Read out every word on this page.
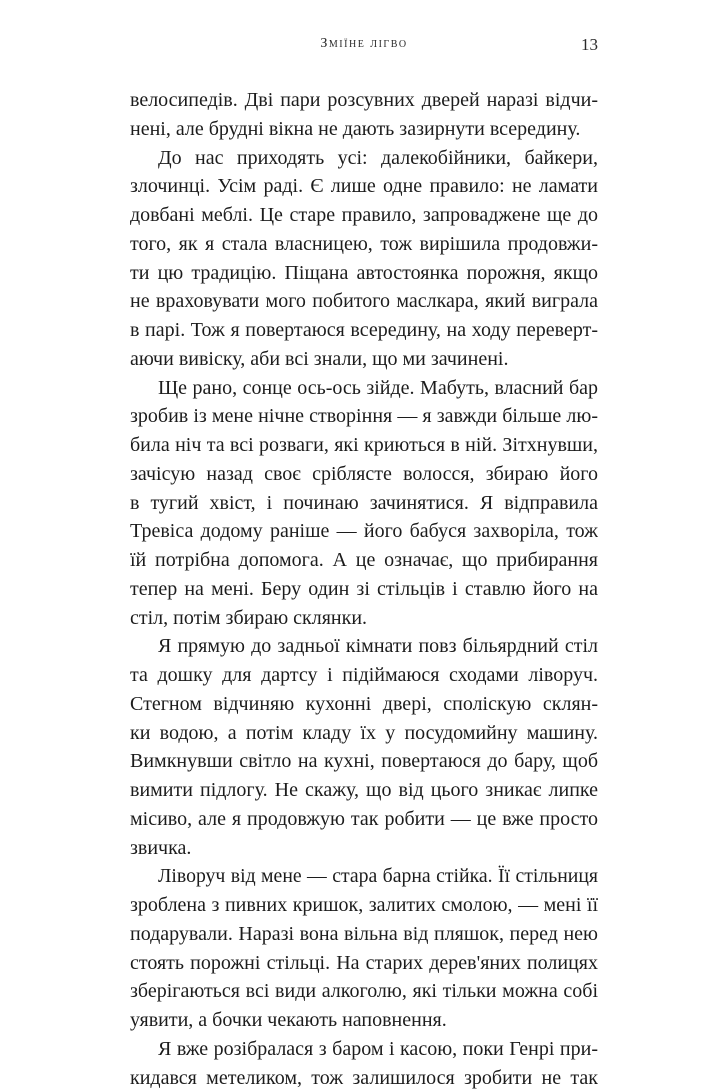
Зміїне лігво	13
велосипедів. Дві пари розсувних дверей наразі відчи-
нені, але брудні вікна не дають зазирнути всередину.
До нас приходять усі: далекобійники, байкери,
злочинці. Усім раді. Є лише одне правило: не ламати
довбані меблі. Це старе правило, запроваджене ще до
того, як я стала власницею, тож вирішила продовжи-
ти цю традицію. Піщана автостоянка порожня, якщо
не враховувати мого побитого маслкара, який виграла
в парі. Тож я повертаюся всередину, на ходу переверт-
аючи вивіску, аби всі знали, що ми зачинені.
Ще рано, сонце ось-ось зійде. Мабуть, власний бар
зробив із мене нічне створіння — я завжди більше лю-
била ніч та всі розваги, які криються в ній. Зітхнувши,
зачісую назад своє сріблясте волосся, збираю його
в тугий хвіст, і починаю зачинятися. Я відправила
Тревіса додому раніше — його бабуся захворіла, тож
їй потрібна допомога. А це означає, що прибирання
тепер на мені. Беру один зі стільців і ставлю його на
стіл, потім збираю склянки.
Я прямую до задньої кімнати повз більярдний стіл
та дошку для дартсу і підіймаюся сходами ліворуч.
Стегном відчиняю кухонні двері, споліскую склян-
ки водою, а потім кладу їх у посудомийну машину.
Вимкнувши світло на кухні, повертаюся до бару, щоб
вимити підлогу. Не скажу, що від цього зникає липке
місиво, але я продовжую так робити — це вже просто
звичка.
Ліворуч від мене — стара барна стійка. Її стільниця
зроблена з пивних кришок, залитих смолою, — мені її
подарували. Наразі вона вільна від пляшок, перед нею
стоять порожні стільці. На старих дерев'яних полицях
зберігаються всі види алкоголю, які тільки можна собі
уявити, а бочки чекають наповнення.
Я вже розібралася з баром і касою, поки Генрі при-
кидався метеликом, тож залишилося зробити не так
